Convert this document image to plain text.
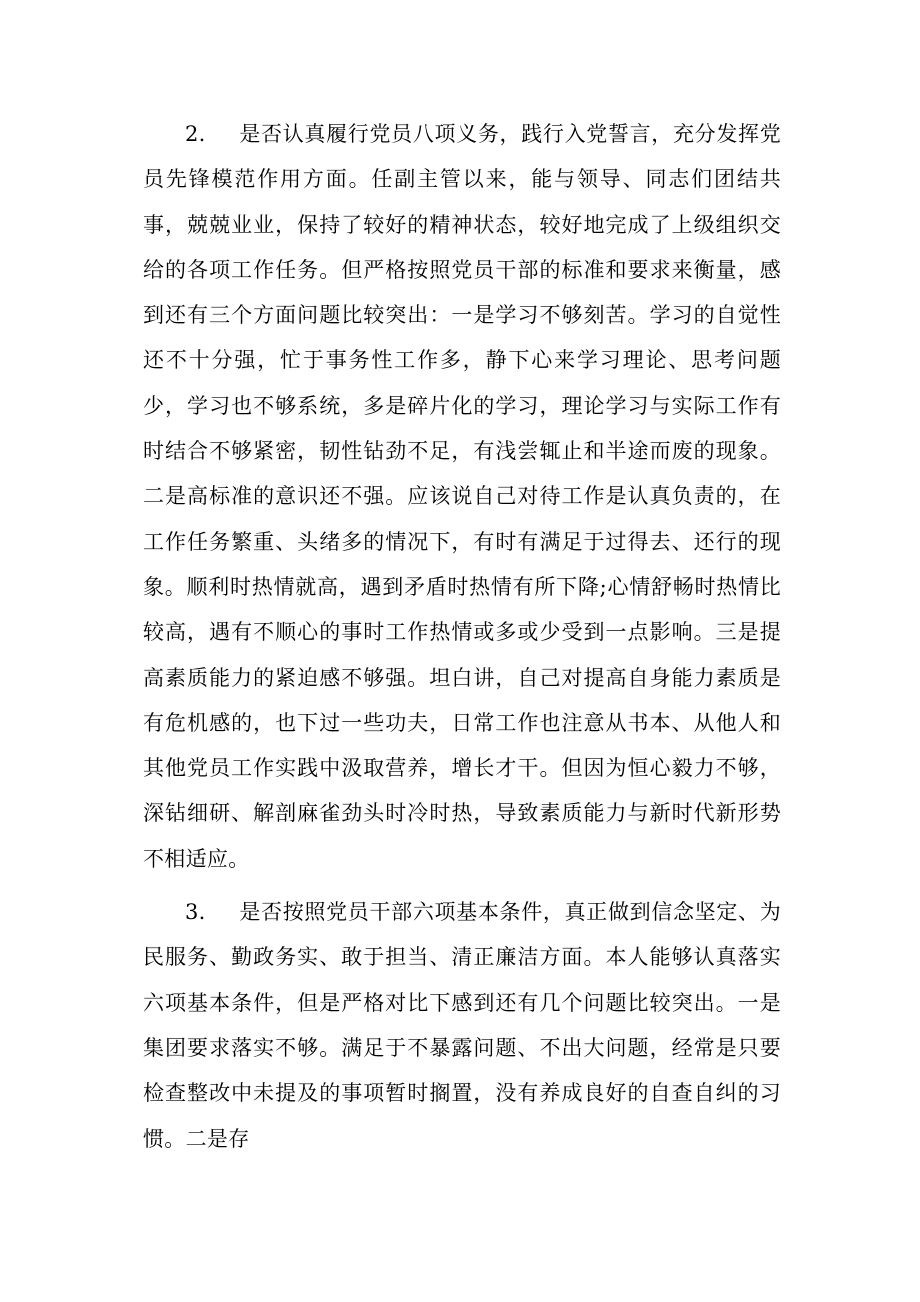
2. 是否认真履行党员八项义务，践行入党誓言，充分发挥党员先锋模范作用方面。任副主管以来，能与领导、同志们团结共事，兢兢业业，保持了较好的精神状态，较好地完成了上级组织交给的各项工作任务。但严格按照党员干部的标准和要求来衡量，感到还有三个方面问题比较突出：一是学习不够刻苦。学习的自觉性还不十分强，忙于事务性工作多，静下心来学习理论、思考问题少，学习也不够系统，多是碎片化的学习，理论学习与实际工作有时结合不够紧密，韧性钻劲不足，有浅尝辄止和半途而废的现象。二是高标准的意识还不强。应该说自己对待工作是认真负责的，在工作任务繁重、头绪多的情况下，有时有满足于过得去、还行的现象。顺利时热情就高，遇到矛盾时热情有所下降;心情舒畅时热情比较高，遇有不顺心的事时工作热情或多或少受到一点影响。三是提高素质能力的紧迫感不够强。坦白讲，自己对提高自身能力素质是有危机感的，也下过一些功夫，日常工作也注意从书本、从他人和其他党员工作实践中汲取营养，增长才干。但因为恒心毅力不够，深钻细研、解剖麻雀劲头时冷时热，导致素质能力与新时代新形势不相适应。

3. 是否按照党员干部六项基本条件，真正做到信念坚定、为民服务、勤政务实、敢于担当、清正廉洁方面。本人能够认真落实六项基本条件，但是严格对比下感到还有几个问题比较突出。一是集团要求落实不够。满足于不暴露问题、不出大问题，经常是只要检查整改中未提及的事项暂时搁置，没有养成良好的自查自纠的习惯。二是存
